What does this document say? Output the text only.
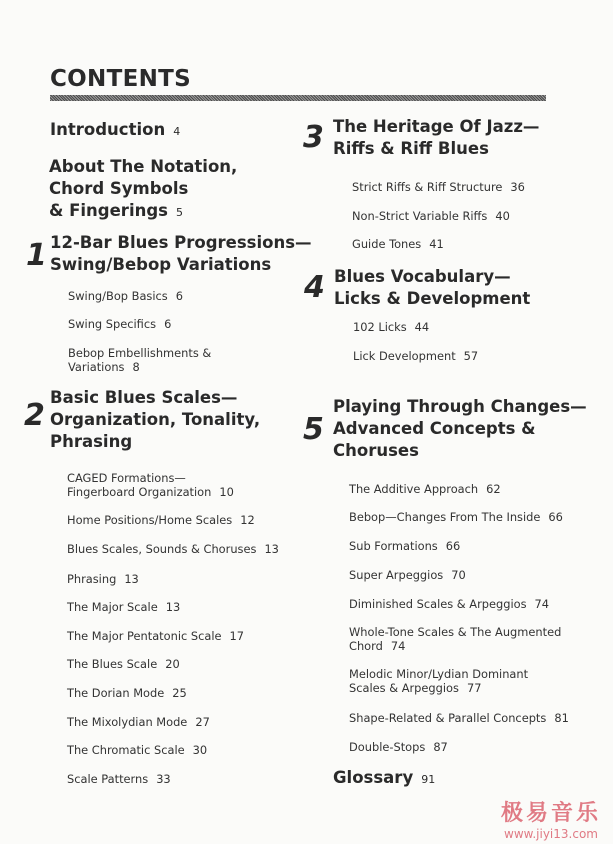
CONTENTS
Introduction 4
About The Notation,
Chord Symbols
& Fingerings 5
1 12-Bar Blues Progressions—
Swing/Bebop Variations
Swing/Bop Basics 6
Swing Specifics 6
Bebop Embellishments &
Variations 8
2
Basic Blues Scales—
Organization, Tonality,
Phrasing
CAGED Formations—
Fingerboard Organization 10
Home Positions/Home Scales 12
Blues Scales, Sounds & Choruses 13
Phrasing 13
The Major Scale 13
The Major Pentatonic Scale 17
The Blues Scale 20
The Dorian Mode 25
The Mixolydian Mode 27
The Chromatic Scale 30
Scale Patterns 33
3 The Heritage Of Jazz—
Riffs & Riff Blues
Strict Riffs & Riff Structure 36
Non-Strict Variable Riffs 40
Guide Tones 41
4 Blues Vocabulary—
Licks & Development
102 Licks 44
Lick Development 57
5
Playing Through Changes—
Advanced Concepts &
Choruses
The Additive Approach 62
Bebop—Changes From The Inside 66
Sub Formations 66
Super Arpeggios 70
Diminished Scales & Arpeggios 74
Whole-Tone Scales & The Augmented
Chord 74
Melodic Minor/Lydian Dominant
Scales & Arpeggios 77
Shape-Related & Parallel Concepts 81
Double-Stops 87
Glossary 91
极易音乐
www.jiyi13.com
